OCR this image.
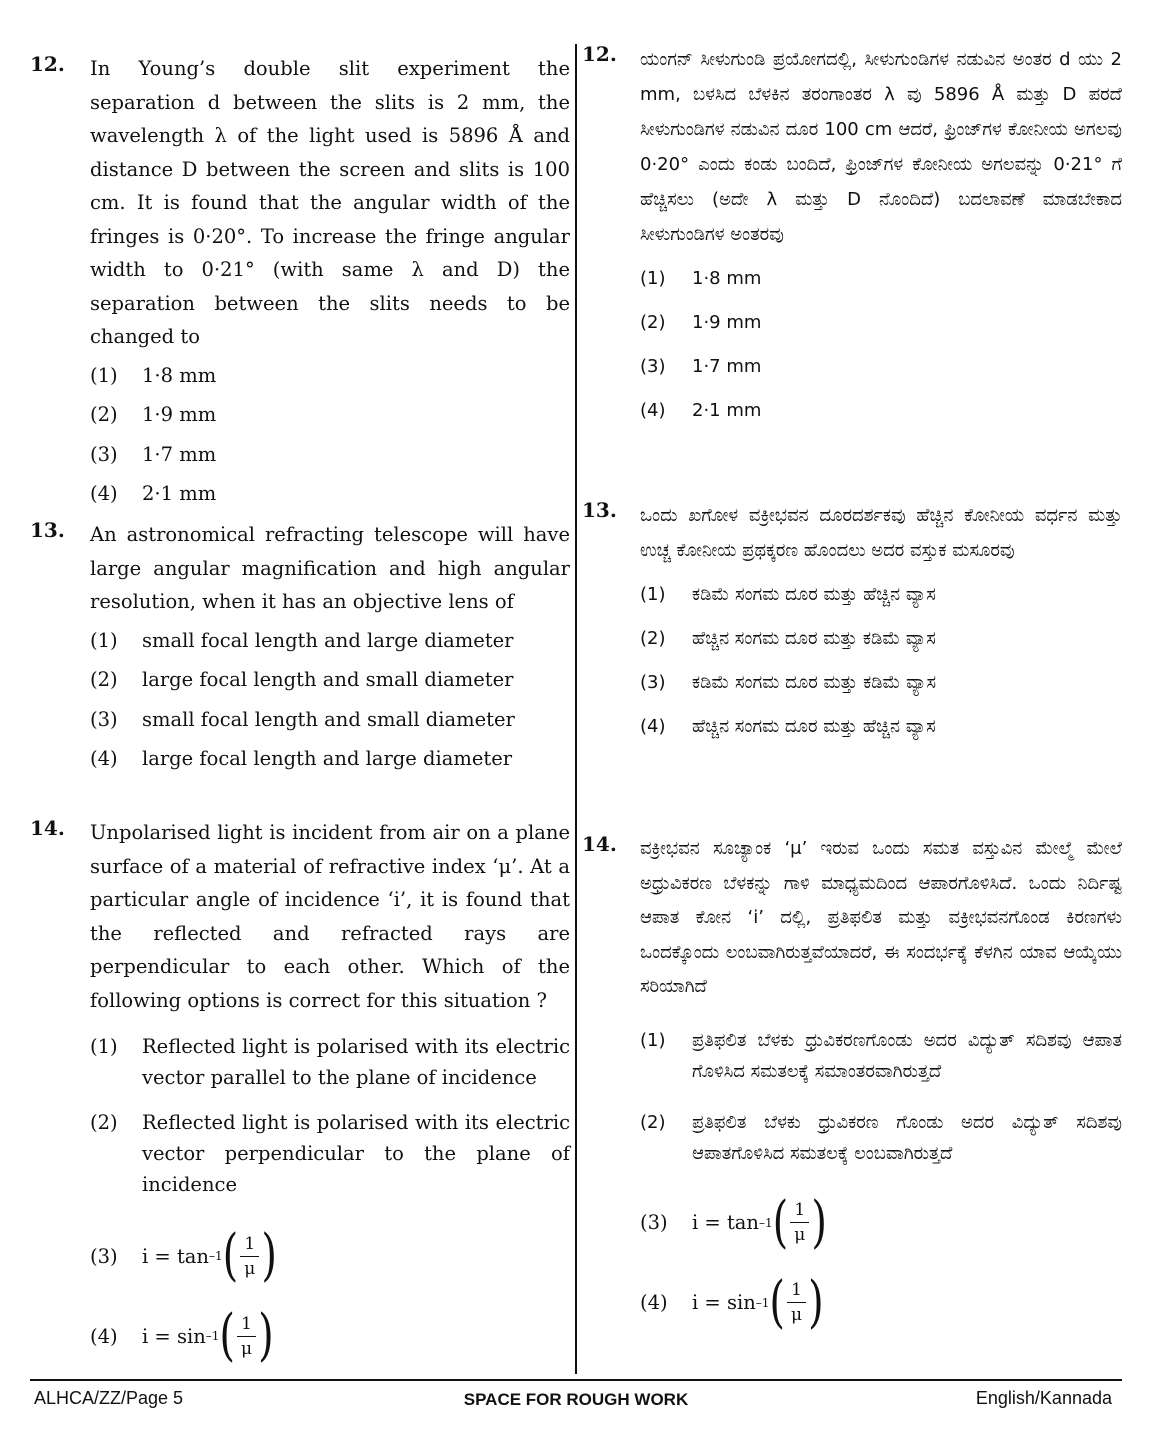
12. In Young’s double slit experiment the separation d between the slits is 2 mm, the wavelength λ of the light used is 5896 Å and distance D between the screen and slits is 100 cm. It is found that the angular width of the fringes is 0·20°. To increase the fringe angular width to 0·21° (with same λ and D) the separation between the slits needs to be changed to
(1)	1·8 mm
(2)	1·9 mm
(3)	1·7 mm
(4)	2·1 mm
13. An astronomical refracting telescope will have large angular magnification and high angular resolution, when it has an objective lens of
(1)	small focal length and large diameter
(2)	large focal length and small diameter
(3)	small focal length and small diameter
(4)	large focal length and large diameter
14. Unpolarised light is incident from air on a plane surface of a material of refractive index ‘μ’. At a particular angle of incidence ‘i’, it is found that the reflected and refracted rays are perpendicular to each other. Which of the following options is correct for this situation ?
(1)	Reflected light is polarised with its electric vector parallel to the plane of incidence
(2)	Reflected light is polarised with its electric vector perpendicular to the plane of incidence
(3)	i = tan –1 ( $\frac{1}{\mu}$ )
(4)	i = sin –1 ( $\frac{1}{\mu}$ )
12. ಯಂಗನ್ ಸೀಳುಗುಂಡಿ ಪ್ರಯೋಗದಲ್ಲಿ, ಸೀಳುಗುಂಡಿಗಳ ನಡುವಿನ ಅಂತರ d ಯು 2 mm, ಬಳಸಿದ ಬೆಳಕಿನ ತರಂಗಾಂತರ λ ವು 5896 Å ಮತ್ತು D ಪರದೆ ಸೀಳುಗುಂಡಿಗಳ ನಡುವಿನ ದೂರ 100 cm ಆದರೆ, ಫ್ರಿಂಜ್‌ಗಳ ಕೋನೀಯ ಅಗಲವು 0·20° ಎಂದು ಕಂಡು ಬಂದಿದೆ, ಫ್ರಿಂಜ್‌ಗಳ ಕೋನೀಯ ಅಗಲವನ್ನು 0·21° ಗೆ ಹೆಚ್ಚಿಸಲು (ಅದೇ λ ಮತ್ತು D ನೊಂದಿದೆ) ಬದಲಾವಣೆ ಮಾಡಬೇಕಾದ ಸೀಳುಗುಂಡಿಗಳ ಅಂತರವು
(1)	1·8 mm
(2)	1·9 mm
(3)	1·7 mm
(4)	2·1 mm
13. ಒಂದು ಖಗೋಳ ವಕ್ರೀಭವನ ದೂರದರ್ಶಕವು ಹೆಚ್ಚಿನ ಕೋನೀಯ ವರ್ಧನ ಮತ್ತು ಉಚ್ಚ ಕೋನೀಯ ಪ್ರಥಕ್ಕರಣ ಹೊಂದಲು ಅದರ ವಸ್ತುಕ ಮಸೂರವು
(1)	ಕಡಿಮೆ ಸಂಗಮ ದೂರ ಮತ್ತು ಹೆಚ್ಚಿನ ವ್ಯಾಸ
(2)	ಹೆಚ್ಚಿನ ಸಂಗಮ ದೂರ ಮತ್ತು ಕಡಿಮೆ ವ್ಯಾಸ
(3)	ಕಡಿಮೆ ಸಂಗಮ ದೂರ ಮತ್ತು ಕಡಿಮೆ ವ್ಯಾಸ
(4)	ಹೆಚ್ಚಿನ ಸಂಗಮ ದೂರ ಮತ್ತು ಹೆಚ್ಚಿನ ವ್ಯಾಸ
14. ವಕ್ರೀಭವನ ಸೂಚ್ಯಾಂಕ ‘μ’ ಇರುವ ಒಂದು ಸಮತ ವಸ್ತುವಿನ ಮೇಲ್ಮೆ ಮೇಲೆ ಅಧ್ರುವಿಕರಣ ಬೆಳಕನ್ನು ಗಾಳಿ ಮಾಧ್ಯಮದಿಂದ ಆಪಾರಗೊಳಿಸಿದೆ. ಒಂದು ನಿರ್ದಿಷ್ಟ ಆಪಾತ ಕೋನ ‘i’ ದಲ್ಲಿ, ಪ್ರತಿಫಲಿತ ಮತ್ತು ವಕ್ರೀಭವನಗೊಂಡ ಕಿರಣಗಳು ಒಂದಕ್ಕೊಂದು ಲಂಬವಾಗಿರುತ್ತವೆಯಾದರೆ, ಈ ಸಂದರ್ಭಕ್ಕೆ ಕೆಳಗಿನ ಯಾವ ಆಯ್ಕೆಯು ಸರಿಯಾಗಿದೆ
(1)	ಪ್ರತಿಫಲಿತ ಬೆಳಕು ಧ್ರುವಿಕರಣಗೊಂಡು ಅದರ ವಿದ್ಯುತ್ ಸದಿಶವು ಆಪಾತ ಗೊಳಿಸಿದ ಸಮತಲಕ್ಕೆ ಸಮಾಂತರವಾಗಿರುತ್ತದೆ
(2)	ಪ್ರತಿಫಲಿತ ಬೆಳಕು ಧ್ರುವಿಕರಣ ಗೊಂಡು ಅದರ ವಿದ್ಯುತ್ ಸದಿಶವು ಆಪಾತಗೊಳಿಸಿದ ಸಮತಲಕ್ಕೆ ಲಂಬವಾಗಿರುತ್ತದೆ
(3)	i = tan –1 ( $\frac{1}{\mu}$ )
(4)	i = sin –1 ( $\frac{1}{\mu}$ )
ALHCA/ZZ/Page 5	SPACE FOR ROUGH WORK	English/Kannada
